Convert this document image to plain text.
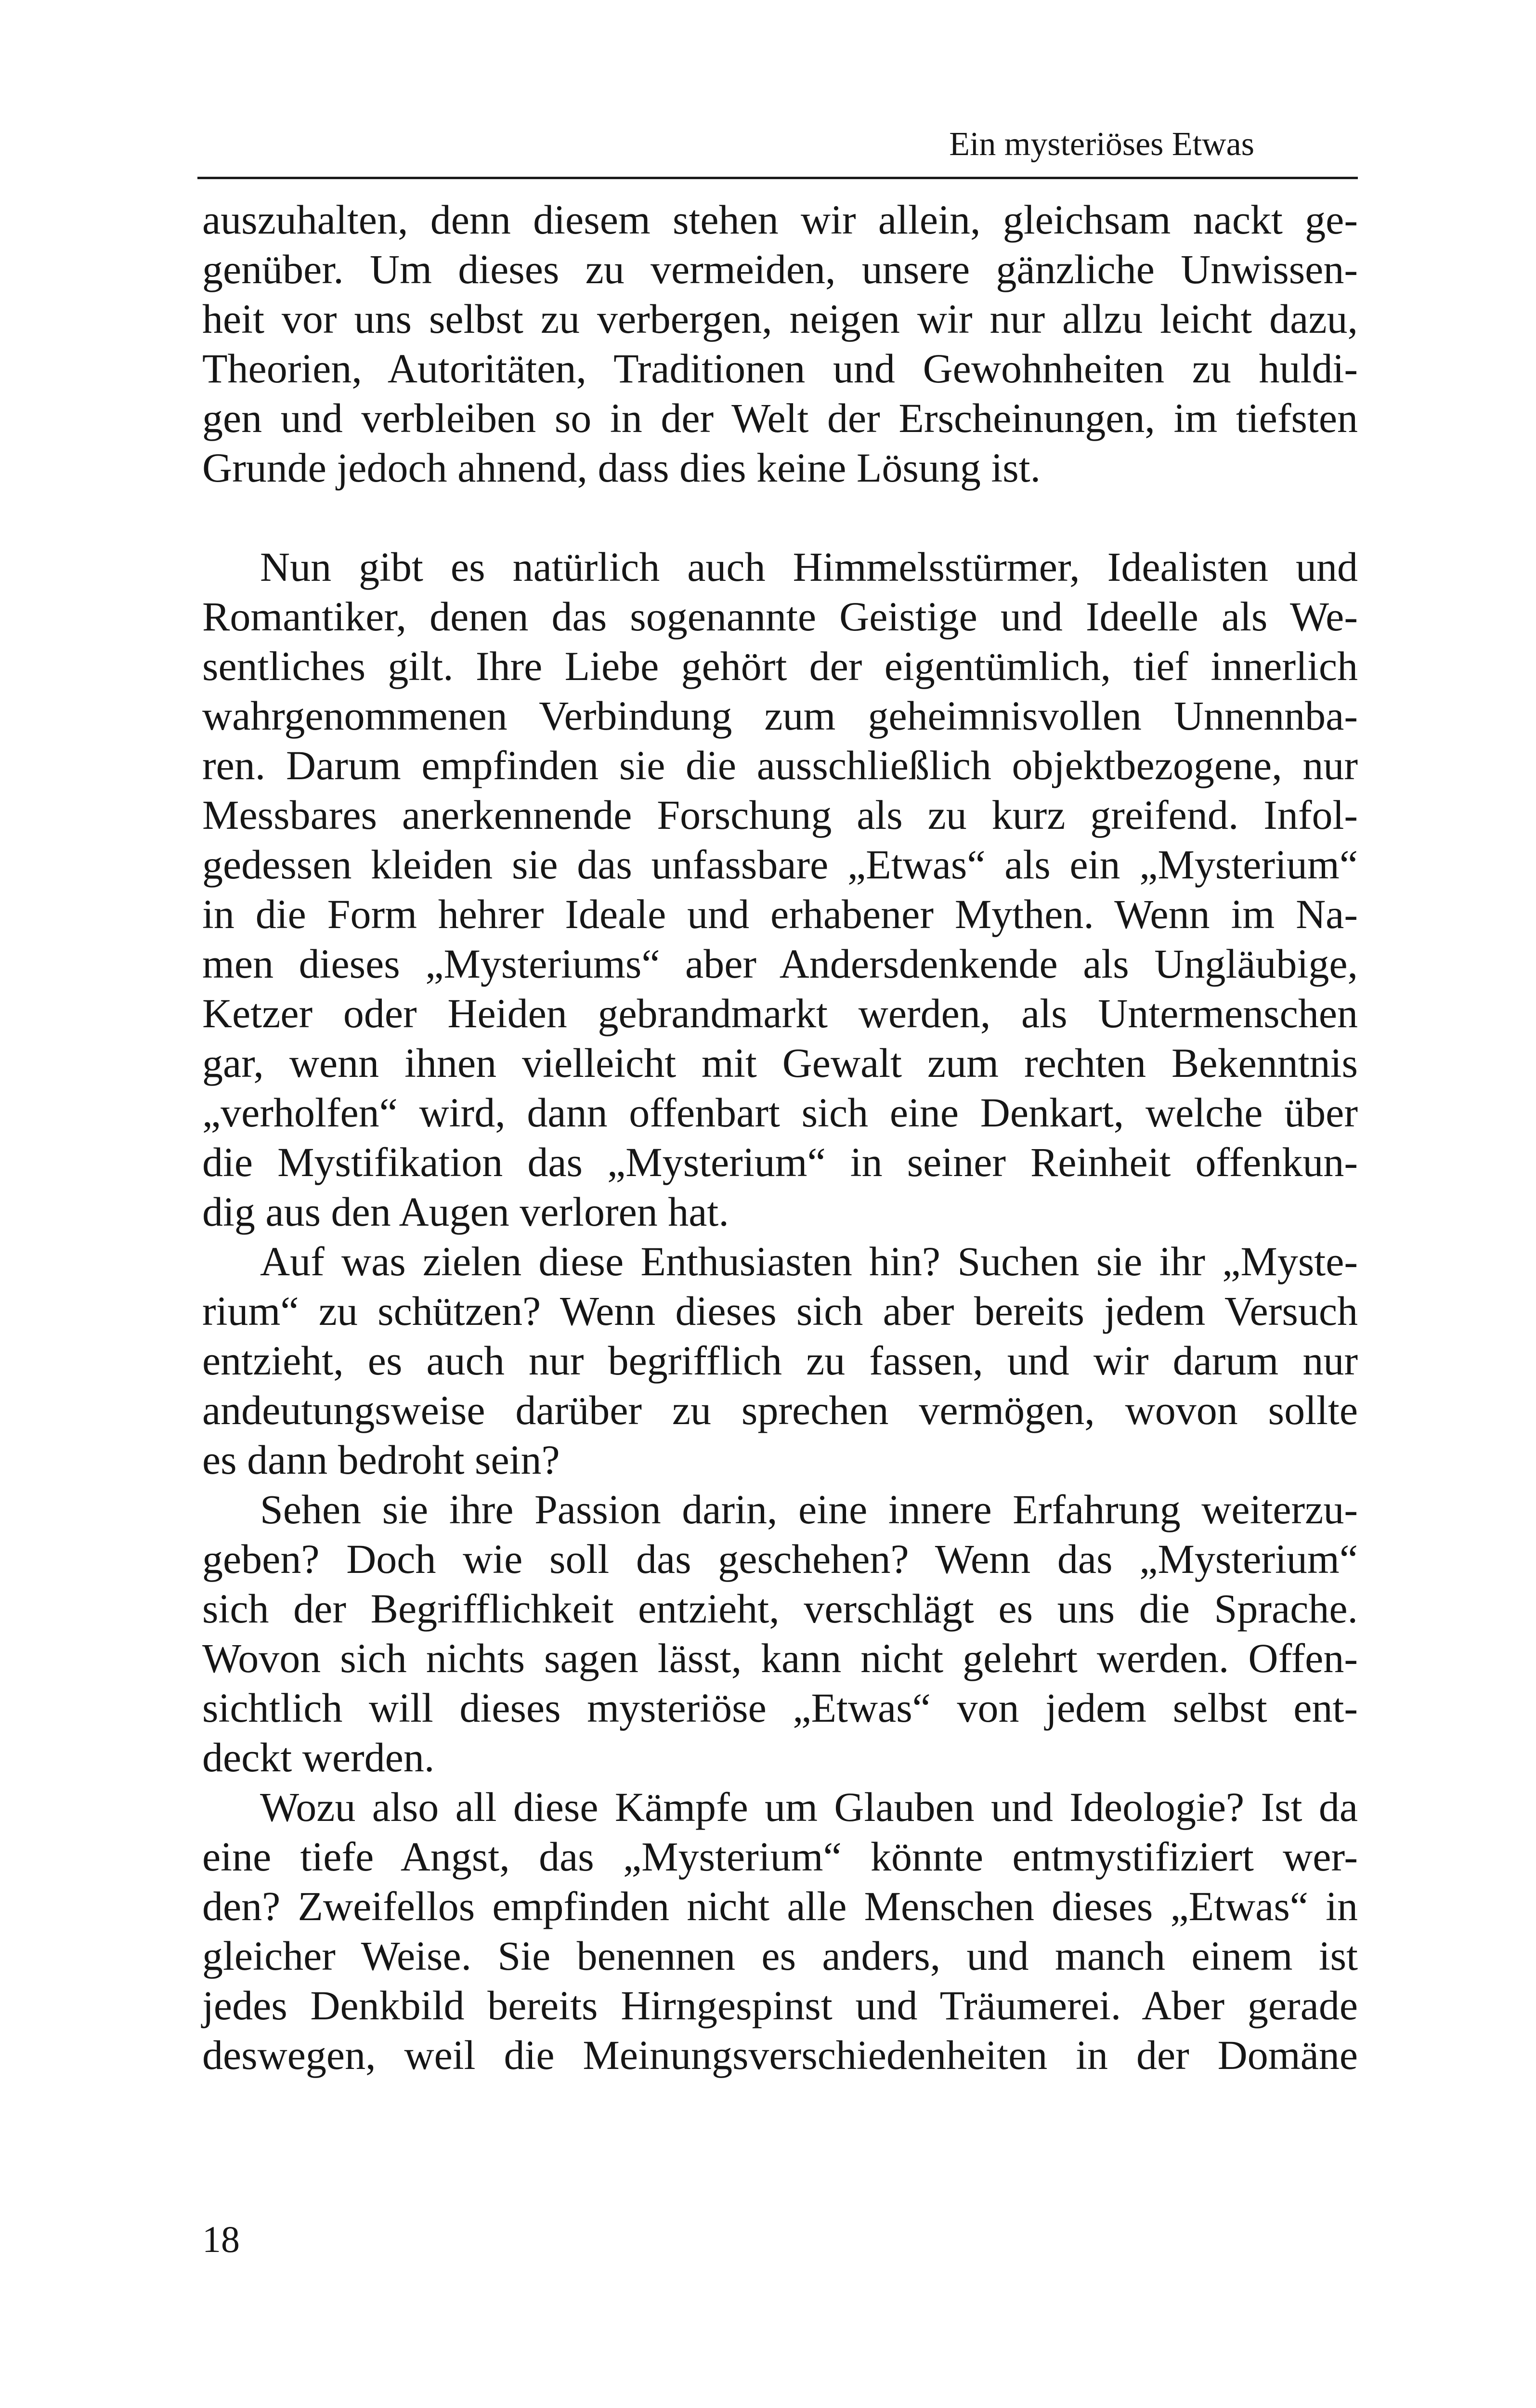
Ein mysteriöses Etwas
auszuhalten, denn diesem stehen wir allein, gleichsam nackt ge-
genüber. Um dieses zu vermeiden, unsere gänzliche Unwissen-
heit vor uns selbst zu verbergen, neigen wir nur allzu leicht dazu,
Theorien, Autoritäten, Traditionen und Gewohnheiten zu huldi-
gen und verbleiben so in der Welt der Erscheinungen, im tiefsten
Grunde jedoch ahnend, dass dies keine Lösung ist.
Nun gibt es natürlich auch Himmelsstürmer, Idealisten und
Romantiker, denen das sogenannte Geistige und Ideelle als We-
sentliches gilt. Ihre Liebe gehört der eigentümlich, tief innerlich
wahrgenommenen Verbindung zum geheimnisvollen Unnennba-
ren. Darum empfinden sie die ausschließlich objektbezogene, nur
Messbares anerkennende Forschung als zu kurz greifend. Infol-
gedessen kleiden sie das unfassbare „Etwas“ als ein „Mysterium“
in die Form hehrer Ideale und erhabener Mythen. Wenn im Na-
men dieses „Mysteriums“ aber Andersdenkende als Ungläubige,
Ketzer oder Heiden gebrandmarkt werden, als Untermenschen
gar, wenn ihnen vielleicht mit Gewalt zum rechten Bekenntnis
„verholfen“ wird, dann offenbart sich eine Denkart, welche über
die Mystifikation das „Mysterium“ in seiner Reinheit offenkun-
dig aus den Augen verloren hat.
Auf was zielen diese Enthusiasten hin? Suchen sie ihr „Myste-
rium“ zu schützen? Wenn dieses sich aber bereits jedem Versuch
entzieht, es auch nur begrifflich zu fassen, und wir darum nur
andeutungsweise darüber zu sprechen vermögen, wovon sollte
es dann bedroht sein?
Sehen sie ihre Passion darin, eine innere Erfahrung weiterzu-
geben? Doch wie soll das geschehen? Wenn das „Mysterium“
sich der Begrifflichkeit entzieht, verschlägt es uns die Sprache.
Wovon sich nichts sagen lässt, kann nicht gelehrt werden. Offen-
sichtlich will dieses mysteriöse „Etwas“ von jedem selbst ent-
deckt werden.
Wozu also all diese Kämpfe um Glauben und Ideologie? Ist da
eine tiefe Angst, das „Mysterium“ könnte entmystifiziert wer-
den? Zweifellos empfinden nicht alle Menschen dieses „Etwas“ in
gleicher Weise. Sie benennen es anders, und manch einem ist
jedes Denkbild bereits Hirngespinst und Träumerei. Aber gerade
deswegen, weil die Meinungsverschiedenheiten in der Domäne
18
